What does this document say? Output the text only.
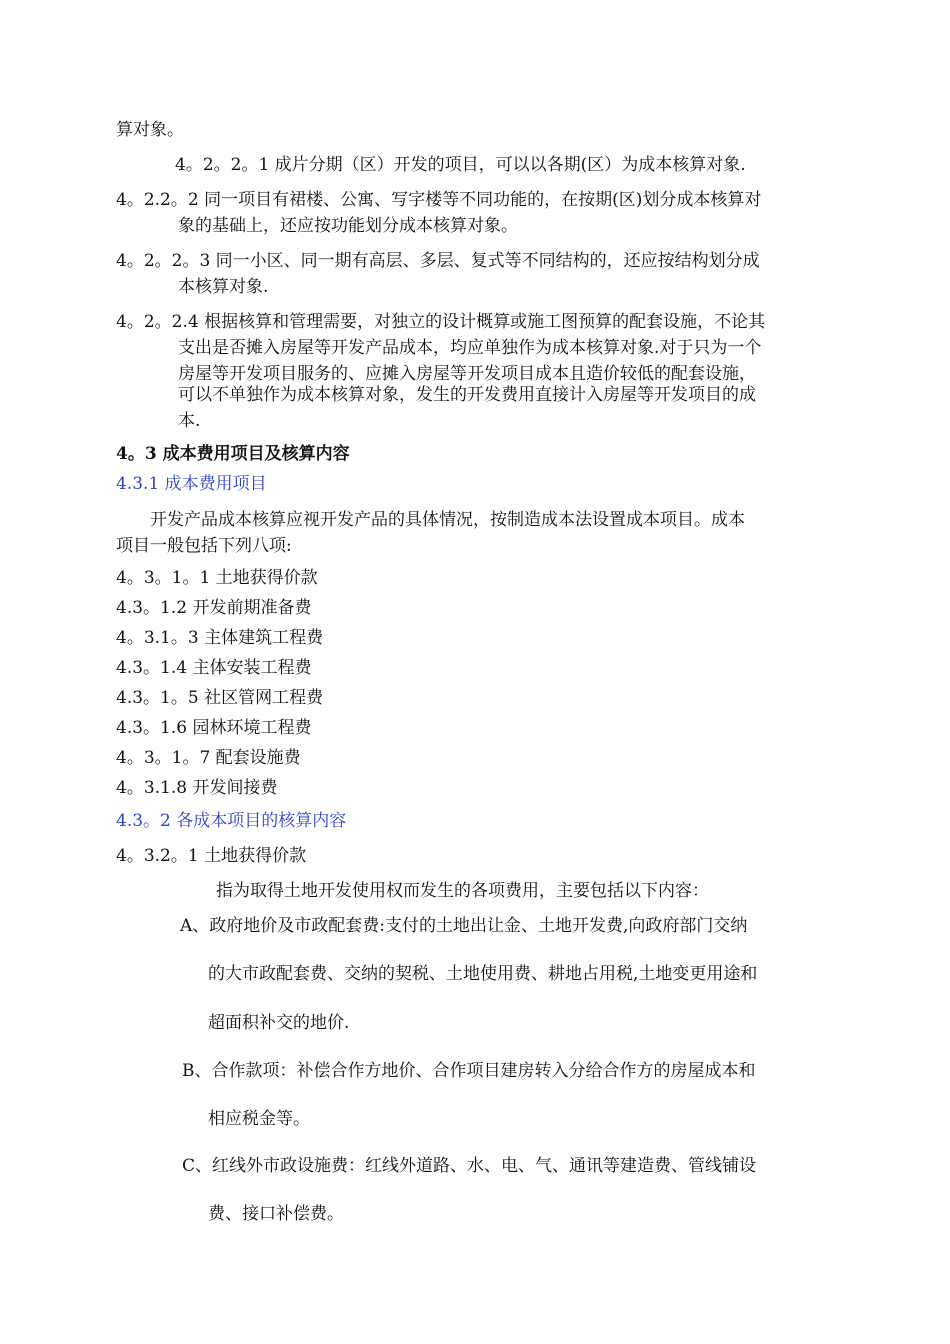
算对象。
4。2。2。1 成片分期（区）开发的项目，可以以各期(区）为成本核算对象.
4。2.2。2 同一项目有裙楼、公寓、写字楼等不同功能的，在按期(区)划分成本核算对
象的基础上，还应按功能划分成本核算对象。
4。2。2。3 同一小区、同一期有高层、多层、复式等不同结构的，还应按结构划分成
本核算对象.
4。2。2.4 根据核算和管理需要，对独立的设计概算或施工图预算的配套设施，不论其
支出是否摊入房屋等开发产品成本，均应单独作为成本核算对象.对于只为一个
房屋等开发项目服务的、应摊入房屋等开发项目成本且造价较低的配套设施，
可以不单独作为成本核算对象，发生的开发费用直接计入房屋等开发项目的成
本.
4。3 成本费用项目及核算内容
4.3.1 成本费用项目
开发产品成本核算应视开发产品的具体情况，按制造成本法设置成本项目。成本
项目一般包括下列八项:
4。3。1。1 土地获得价款
4.3。1.2 开发前期准备费
4。3.1。3 主体建筑工程费
4.3。1.4 主体安装工程费
4.3。1。5 社区管网工程费
4.3。1.6 园林环境工程费
4。3。1。7 配套设施费
4。3.1.8 开发间接费
4.3。2 各成本项目的核算内容
4。3.2。1 土地获得价款
指为取得土地开发使用权而发生的各项费用，主要包括以下内容：
A、政府地价及市政配套费:支付的土地出让金、土地开发费,向政府部门交纳
的大市政配套费、交纳的契税、土地使用费、耕地占用税,土地变更用途和
超面积补交的地价.
B、合作款项：补偿合作方地价、合作项目建房转入分给合作方的房屋成本和
相应税金等。
C、红线外市政设施费：红线外道路、水、电、气、通讯等建造费、管线铺设
费、接口补偿费。
